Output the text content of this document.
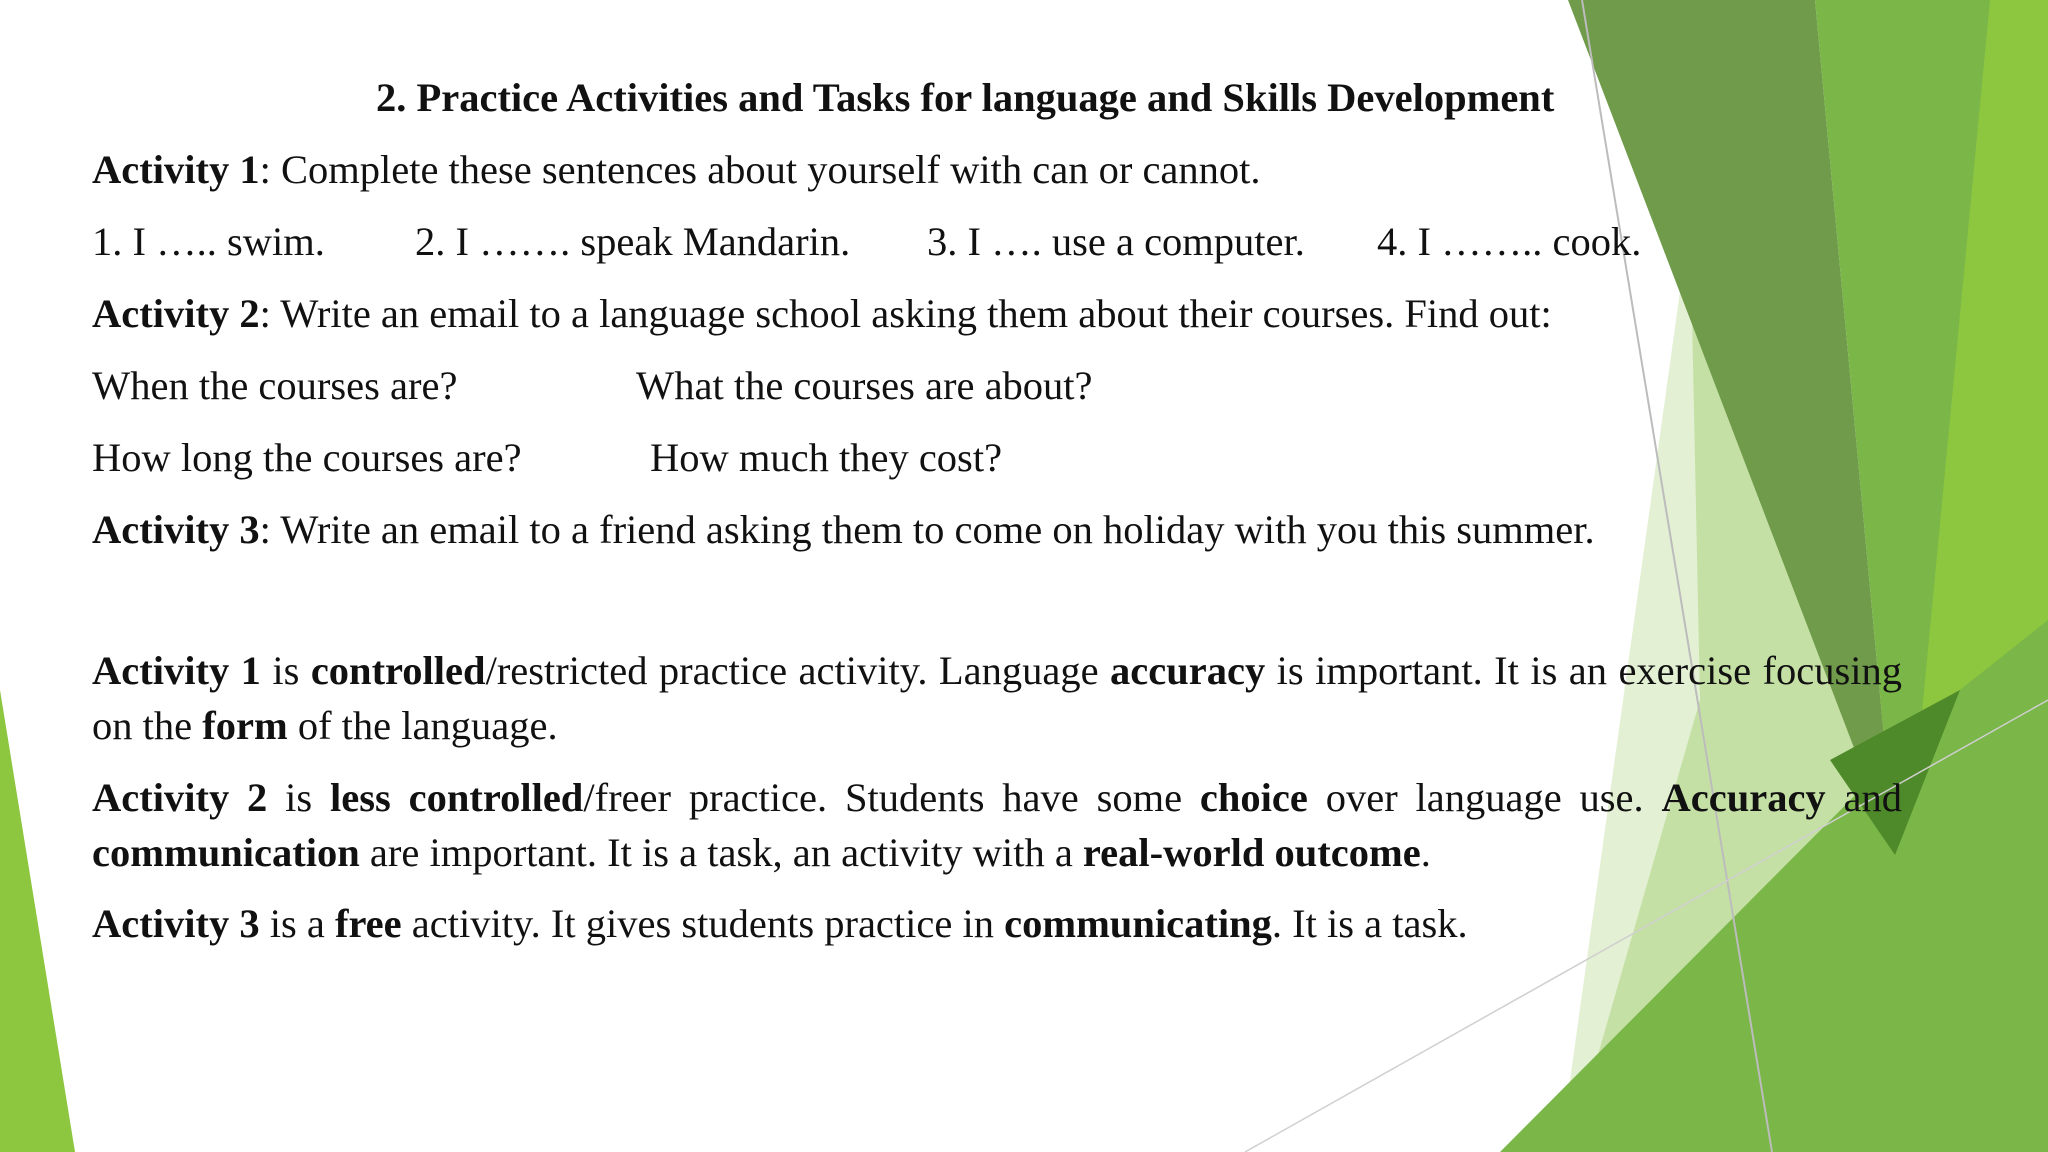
2. Practice Activities and Tasks for language and Skills Development
Activity 1: Complete these sentences about yourself with can or cannot.
1. I ….. swim. 2. I ……. speak Mandarin. 3. I …. use a computer. 4. I …….. cook.
Activity 2: Write an email to a language school asking them about their courses. Find out:
When the courses are?	What the courses are about?
How long the courses are?	How much they cost?
Activity 3: Write an email to a friend asking them to come on holiday with you this summer.
Activity 1 is controlled/restricted practice activity. Language accuracy is important. It is an exercise focusing on the form of the language.
Activity 2 is less controlled/freer practice. Students have some choice over language use. Accuracy and communication are important. It is a task, an activity with a real-world outcome.
Activity 3 is a free activity. It gives students practice in communicating. It is a task.
